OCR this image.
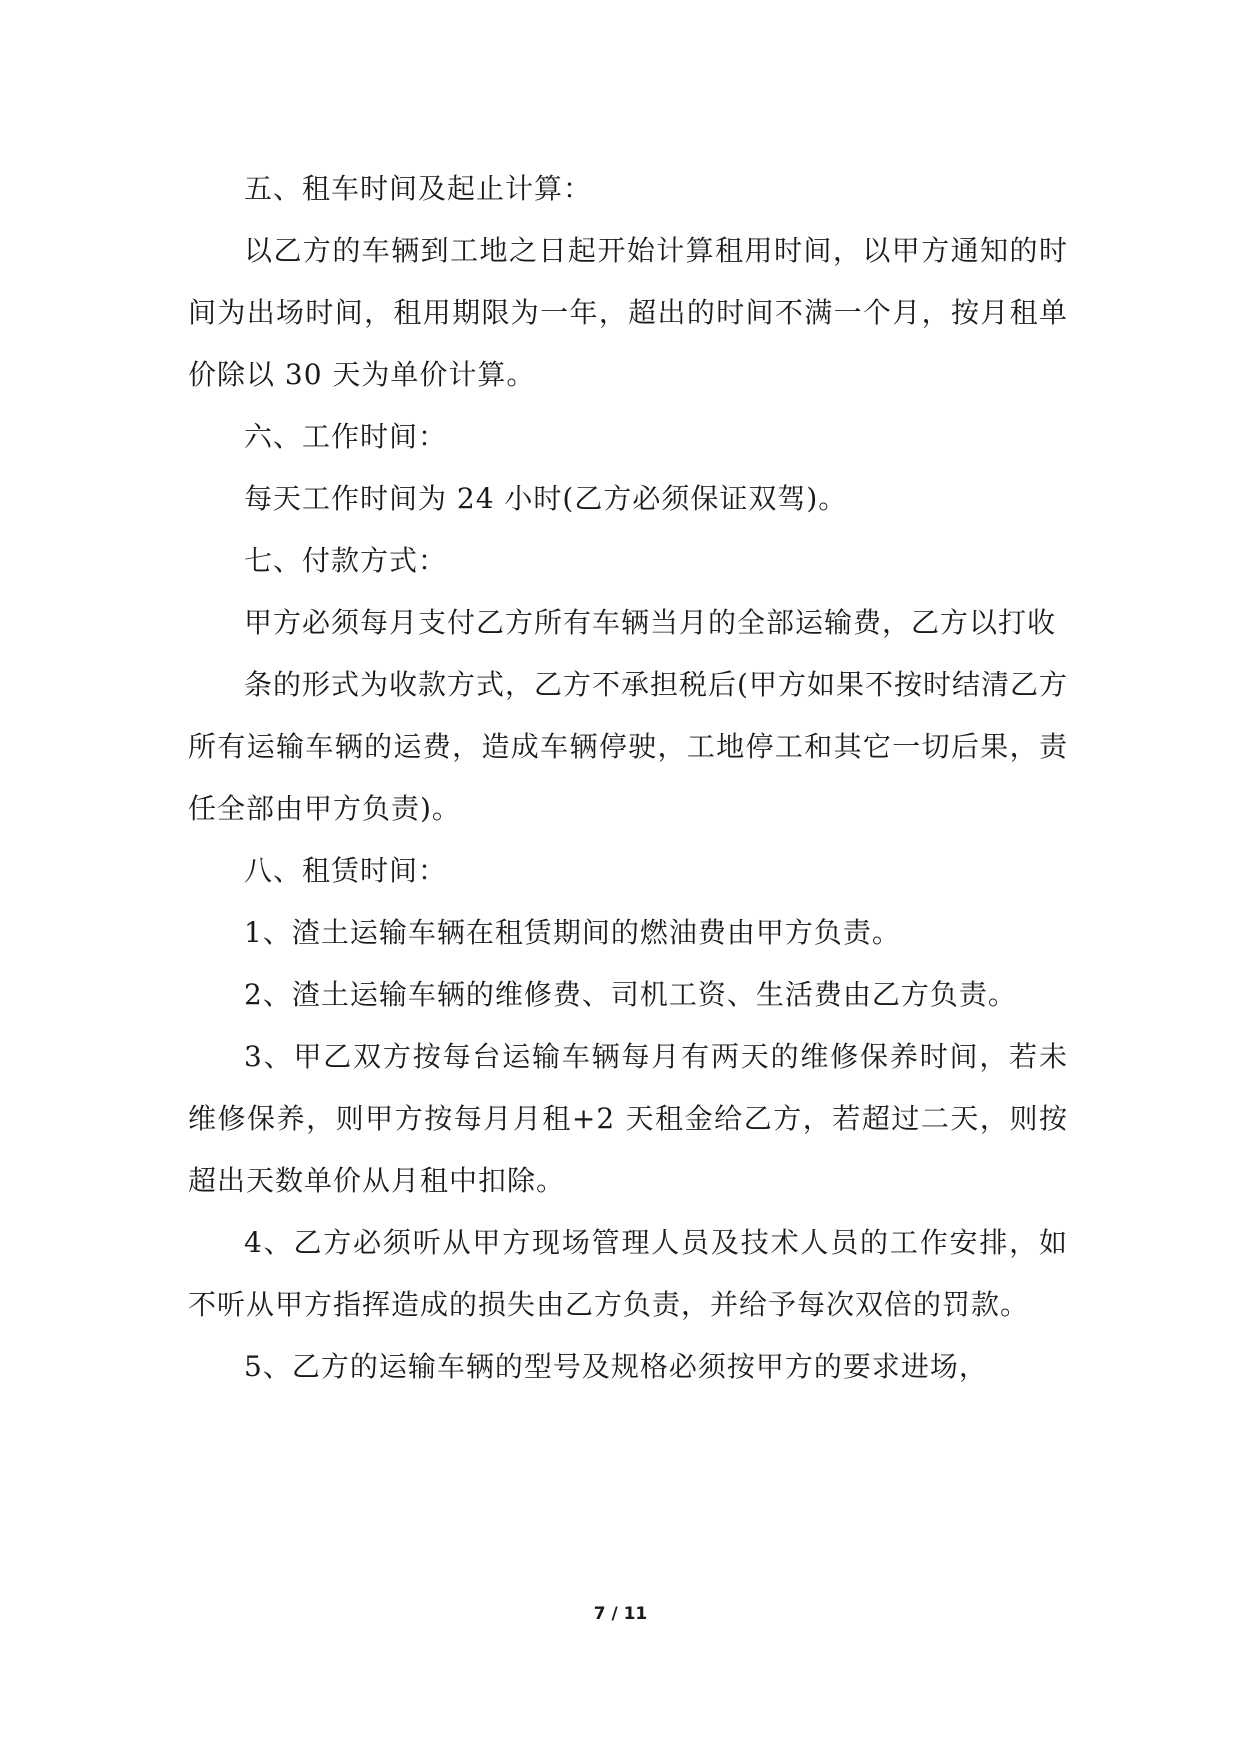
五、租车时间及起止计算：

以乙方的车辆到工地之日起开始计算租用时间，以甲方通知的时间为出场时间，租用期限为一年，超出的时间不满一个月，按月租单价除以 30 天为单价计算。

六、工作时间：

每天工作时间为 24 小时(乙方必须保证双驾)。

七、付款方式：

甲方必须每月支付乙方所有车辆当月的全部运输费，乙方以打收

条的形式为收款方式，乙方不承担税后(甲方如果不按时结清乙方所有运输车辆的运费，造成车辆停驶，工地停工和其它一切后果，责任全部由甲方负责)。

八、租赁时间：

1、渣土运输车辆在租赁期间的燃油费由甲方负责。

2、渣土运输车辆的维修费、司机工资、生活费由乙方负责。

3、甲乙双方按每台运输车辆每月有两天的维修保养时间，若未维修保养，则甲方按每月月租+2 天租金给乙方，若超过二天，则按超出天数单价从月租中扣除。

4、乙方必须听从甲方现场管理人员及技术人员的工作安排，如不听从甲方指挥造成的损失由乙方负责，并给予每次双倍的罚款。

5、乙方的运输车辆的型号及规格必须按甲方的要求进场，

7 / 11
